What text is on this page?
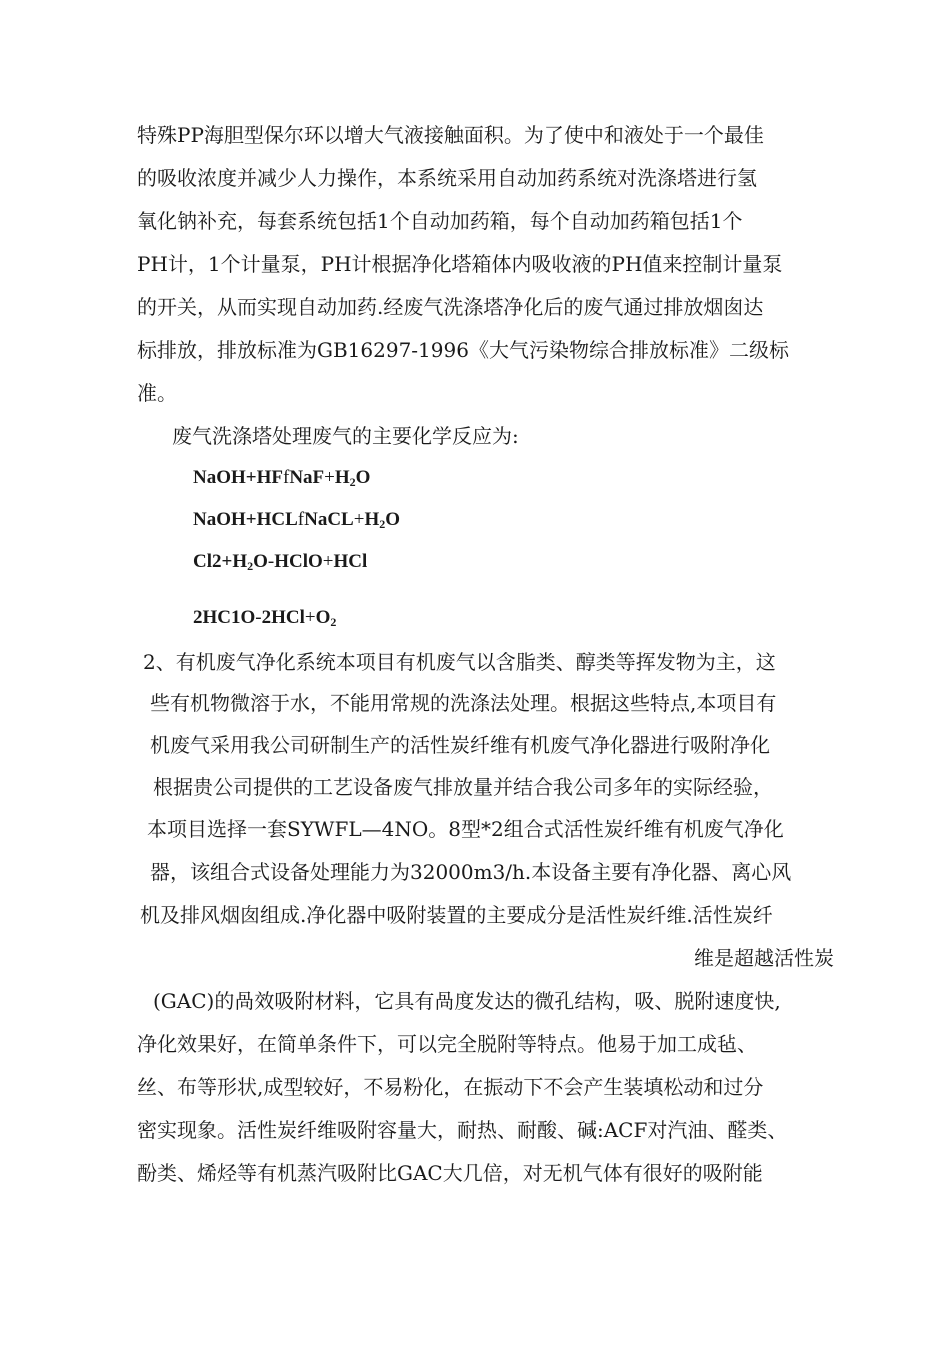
特殊PP海胆型保尔环以增大气液接触面积。为了使中和液处于一个最佳
的吸收浓度并减少人力操作，本系统采用自动加药系统对洗涤塔进行氢
氧化钠补充，每套系统包括1个自动加药箱，每个自动加药箱包括1个
PH计，1个计量泵，PH计根据净化塔箱体内吸收液的PH值来控制计量泵
的开关，从而实现自动加药.经废气洗涤塔净化后的废气通过排放烟囱达
标排放，排放标准为GB16297-1996《大气污染物综合排放标准》二级标
准。
废气洗涤塔处理废气的主要化学反应为:
$NaOH+HFfNaF+H_2O$
$NaOH+HCLfNaCL+H_2O$
$Cl2+H_2O-HClO+HCl$
$2HC1O-2HCl+O_2$
2、有机废气净化系统本项目有机废气以含脂类、醇类等挥发物为主，这
些有机物微溶于水，不能用常规的洗涤法处理。根据这些特点,本项目有
机废气采用我公司研制生产的活性炭纤维有机废气净化器进行吸附净化
根据贵公司提供的工艺设备废气排放量并结合我公司多年的实际经验，
本项目选择一套SYWFL—4NO。8型*2组合式活性炭纤维有机废气净化
器，该组合式设备处理能力为32000m3/h.本设备主要有净化器、离心风
机及排风烟囱组成.净化器中吸附装置的主要成分是活性炭纤维.活性炭纤
维是超越活性炭
(GAC)的咼效吸附材料，它具有咼度发达的微孔结构，吸、脱附速度快,
净化效果好，在简单条件下，可以完全脱附等特点。他易于加工成毡、
丝、布等形状,成型较好，不易粉化，在振动下不会产生装填松动和过分
密实现象。活性炭纤维吸附容量大，耐热、耐酸、碱:ACF对汽油、醛类、
酚类、烯烃等有机蒸汽吸附比GAC大几倍，对无机气体有很好的吸附能
